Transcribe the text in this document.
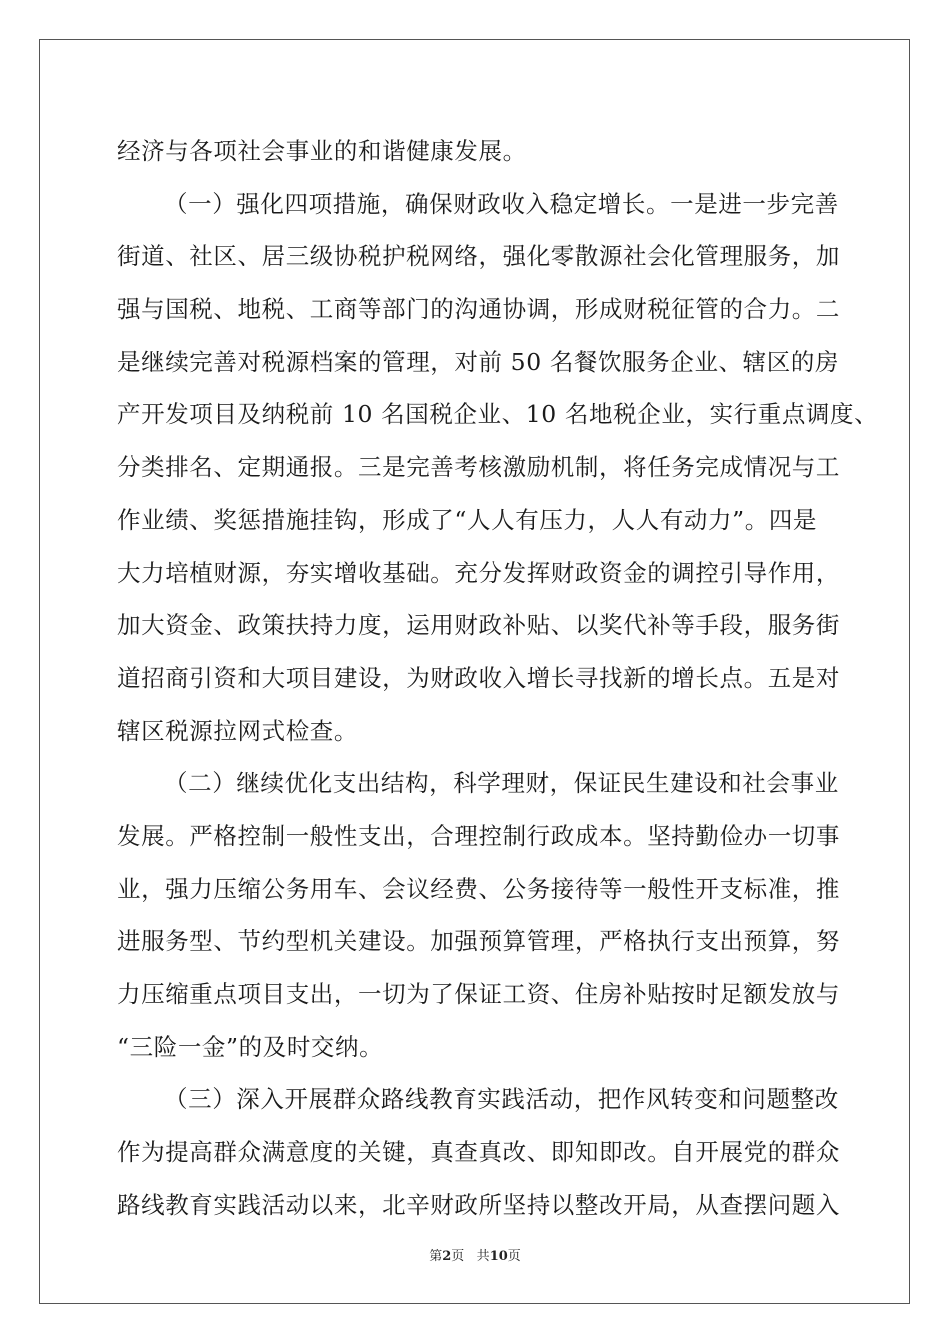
经济与各项社会事业的和谐健康发展。
（一）强化四项措施，确保财政收入稳定增长。一是进一步完善
街道、社区、居三级协税护税网络，强化零散源社会化管理服务，加
强与国税、地税、工商等部门的沟通协调，形成财税征管的合力。二
是继续完善对税源档案的管理，对前 50 名餐饮服务企业、辖区的房
产开发项目及纳税前 10 名国税企业、10 名地税企业，实行重点调度、
分类排名、定期通报。三是完善考核激励机制，将任务完成情况与工
作业绩、奖惩措施挂钩，形成了“人人有压力，人人有动力”。四是
大力培植财源，夯实增收基础。充分发挥财政资金的调控引导作用，
加大资金、政策扶持力度，运用财政补贴、以奖代补等手段，服务街
道招商引资和大项目建设，为财政收入增长寻找新的增长点。五是对
辖区税源拉网式检查。
（二）继续优化支出结构，科学理财，保证民生建设和社会事业
发展。严格控制一般性支出，合理控制行政成本。坚持勤俭办一切事
业，强力压缩公务用车、会议经费、公务接待等一般性开支标准，推
进服务型、节约型机关建设。加强预算管理，严格执行支出预算，努
力压缩重点项目支出，一切为了保证工资、住房补贴按时足额发放与
“三险一金”的及时交纳。
（三）深入开展群众路线教育实践活动，把作风转变和问题整改
作为提高群众满意度的关键，真查真改、即知即改。自开展党的群众
路线教育实践活动以来，北辛财政所坚持以整改开局，从查摆问题入
第2页 共10页
